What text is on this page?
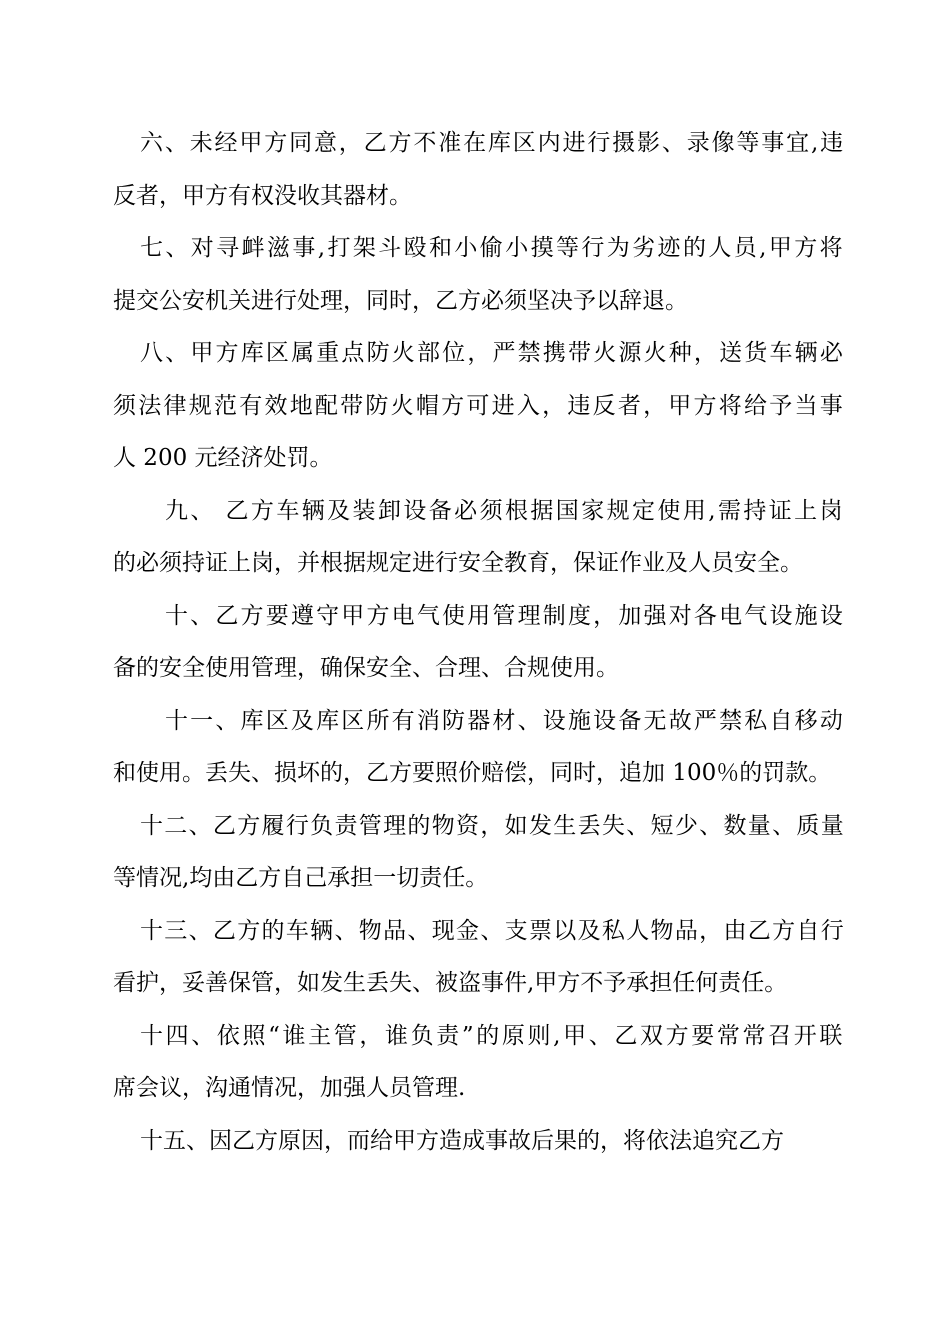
六、未经甲方同意，乙方不准在库区内进行摄影、录像等事宜,违
反者，甲方有权没收其器材。
七、对寻衅滋事,打架斗殴和小偷小摸等行为劣迹的人员,甲方将
提交公安机关进行处理，同时，乙方必须坚决予以辞退。
八、甲方库区属重点防火部位，严禁携带火源火种，送货车辆必
须法律规范有效地配带防火帽方可进入，违反者，甲方将给予当事
人 200 元经济处罚。
九、 乙方车辆及装卸设备必须根据国家规定使用,需持证上岗
的必须持证上岗，并根据规定进行安全教育，保证作业及人员安全。
十、乙方要遵守甲方电气使用管理制度，加强对各电气设施设
备的安全使用管理，确保安全、合理、合规使用。
十一、库区及库区所有消防器材、设施设备无故严禁私自移动
和使用。丢失、损坏的，乙方要照价赔偿，同时，追加 100％的罚款。
十二、乙方履行负责管理的物资，如发生丢失、短少、数量、质量
等情况,均由乙方自己承担一切责任。
十三、乙方的车辆、物品、现金、支票以及私人物品，由乙方自行
看护，妥善保管，如发生丢失、被盗事件,甲方不予承担任何责任。
十四、依照“谁主管，谁负责”的原则,甲、乙双方要常常召开联
席会议，沟通情况，加强人员管理.
十五、因乙方原因，而给甲方造成事故后果的，将依法追究乙方
